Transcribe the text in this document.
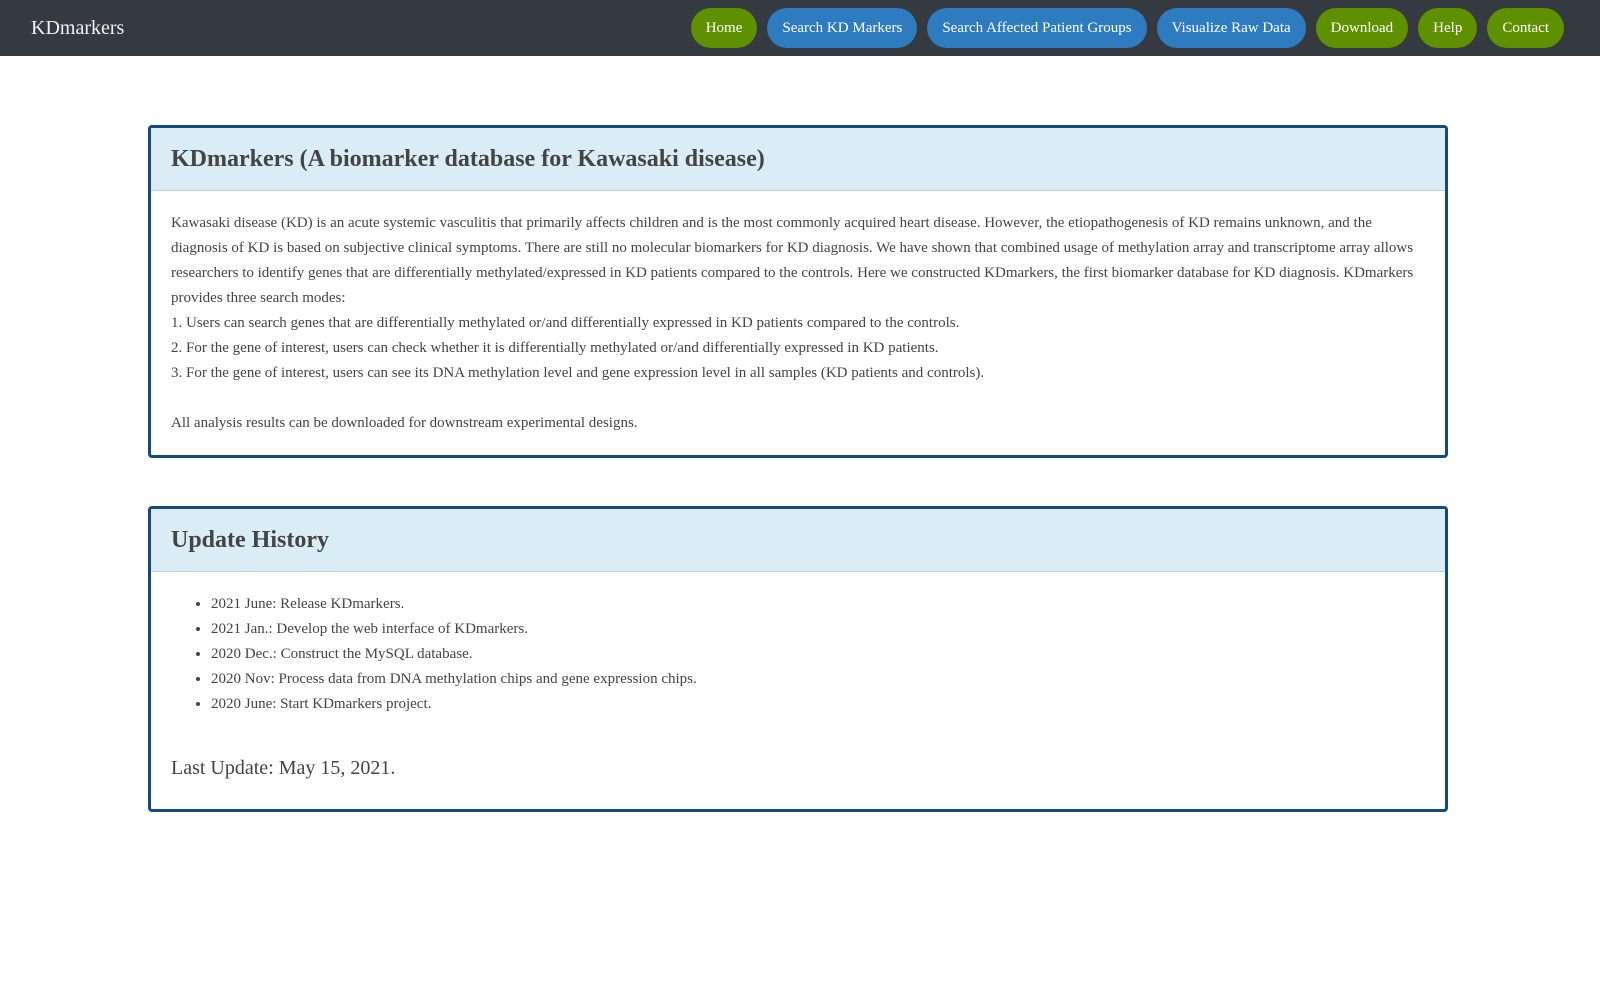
KDmarkers	Home	Search KD Markers	Search Affected Patient Groups	Visualize Raw Data	Download	Help	Contact
KDmarkers (A biomarker database for Kawasaki disease)

Kawasaki disease (KD) is an acute systemic vasculitis that primarily affects children and is the most commonly acquired heart disease. However, the etiopathogenesis of KD remains unknown, and the diagnosis of KD is based on subjective clinical symptoms. There are still no molecular biomarkers for KD diagnosis. We have shown that combined usage of methylation array and transcriptome array allows researchers to identify genes that are differentially methylated/expressed in KD patients compared to the controls. Here we constructed KDmarkers, the first biomarker database for KD diagnosis. KDmarkers provides three search modes:

1. Users can search genes that are differentially methylated or/and differentially expressed in KD patients compared to the controls.

2. For the gene of interest, users can check whether it is differentially methylated or/and differentially expressed in KD patients.

3. For the gene of interest, users can see its DNA methylation level and gene expression level in all samples (KD patients and controls).

All analysis results can be downloaded for downstream experimental designs.

Update History
• 2021 June: Release KDmarkers.
• 2021 Jan.: Develop the web interface of KDmarkers.
• 2020 Dec.: Construct the MySQL database.
• 2020 Nov: Process data from DNA methylation chips and gene expression chips.
• 2020 June: Start KDmarkers project.
Last Update: May 15, 2021.
